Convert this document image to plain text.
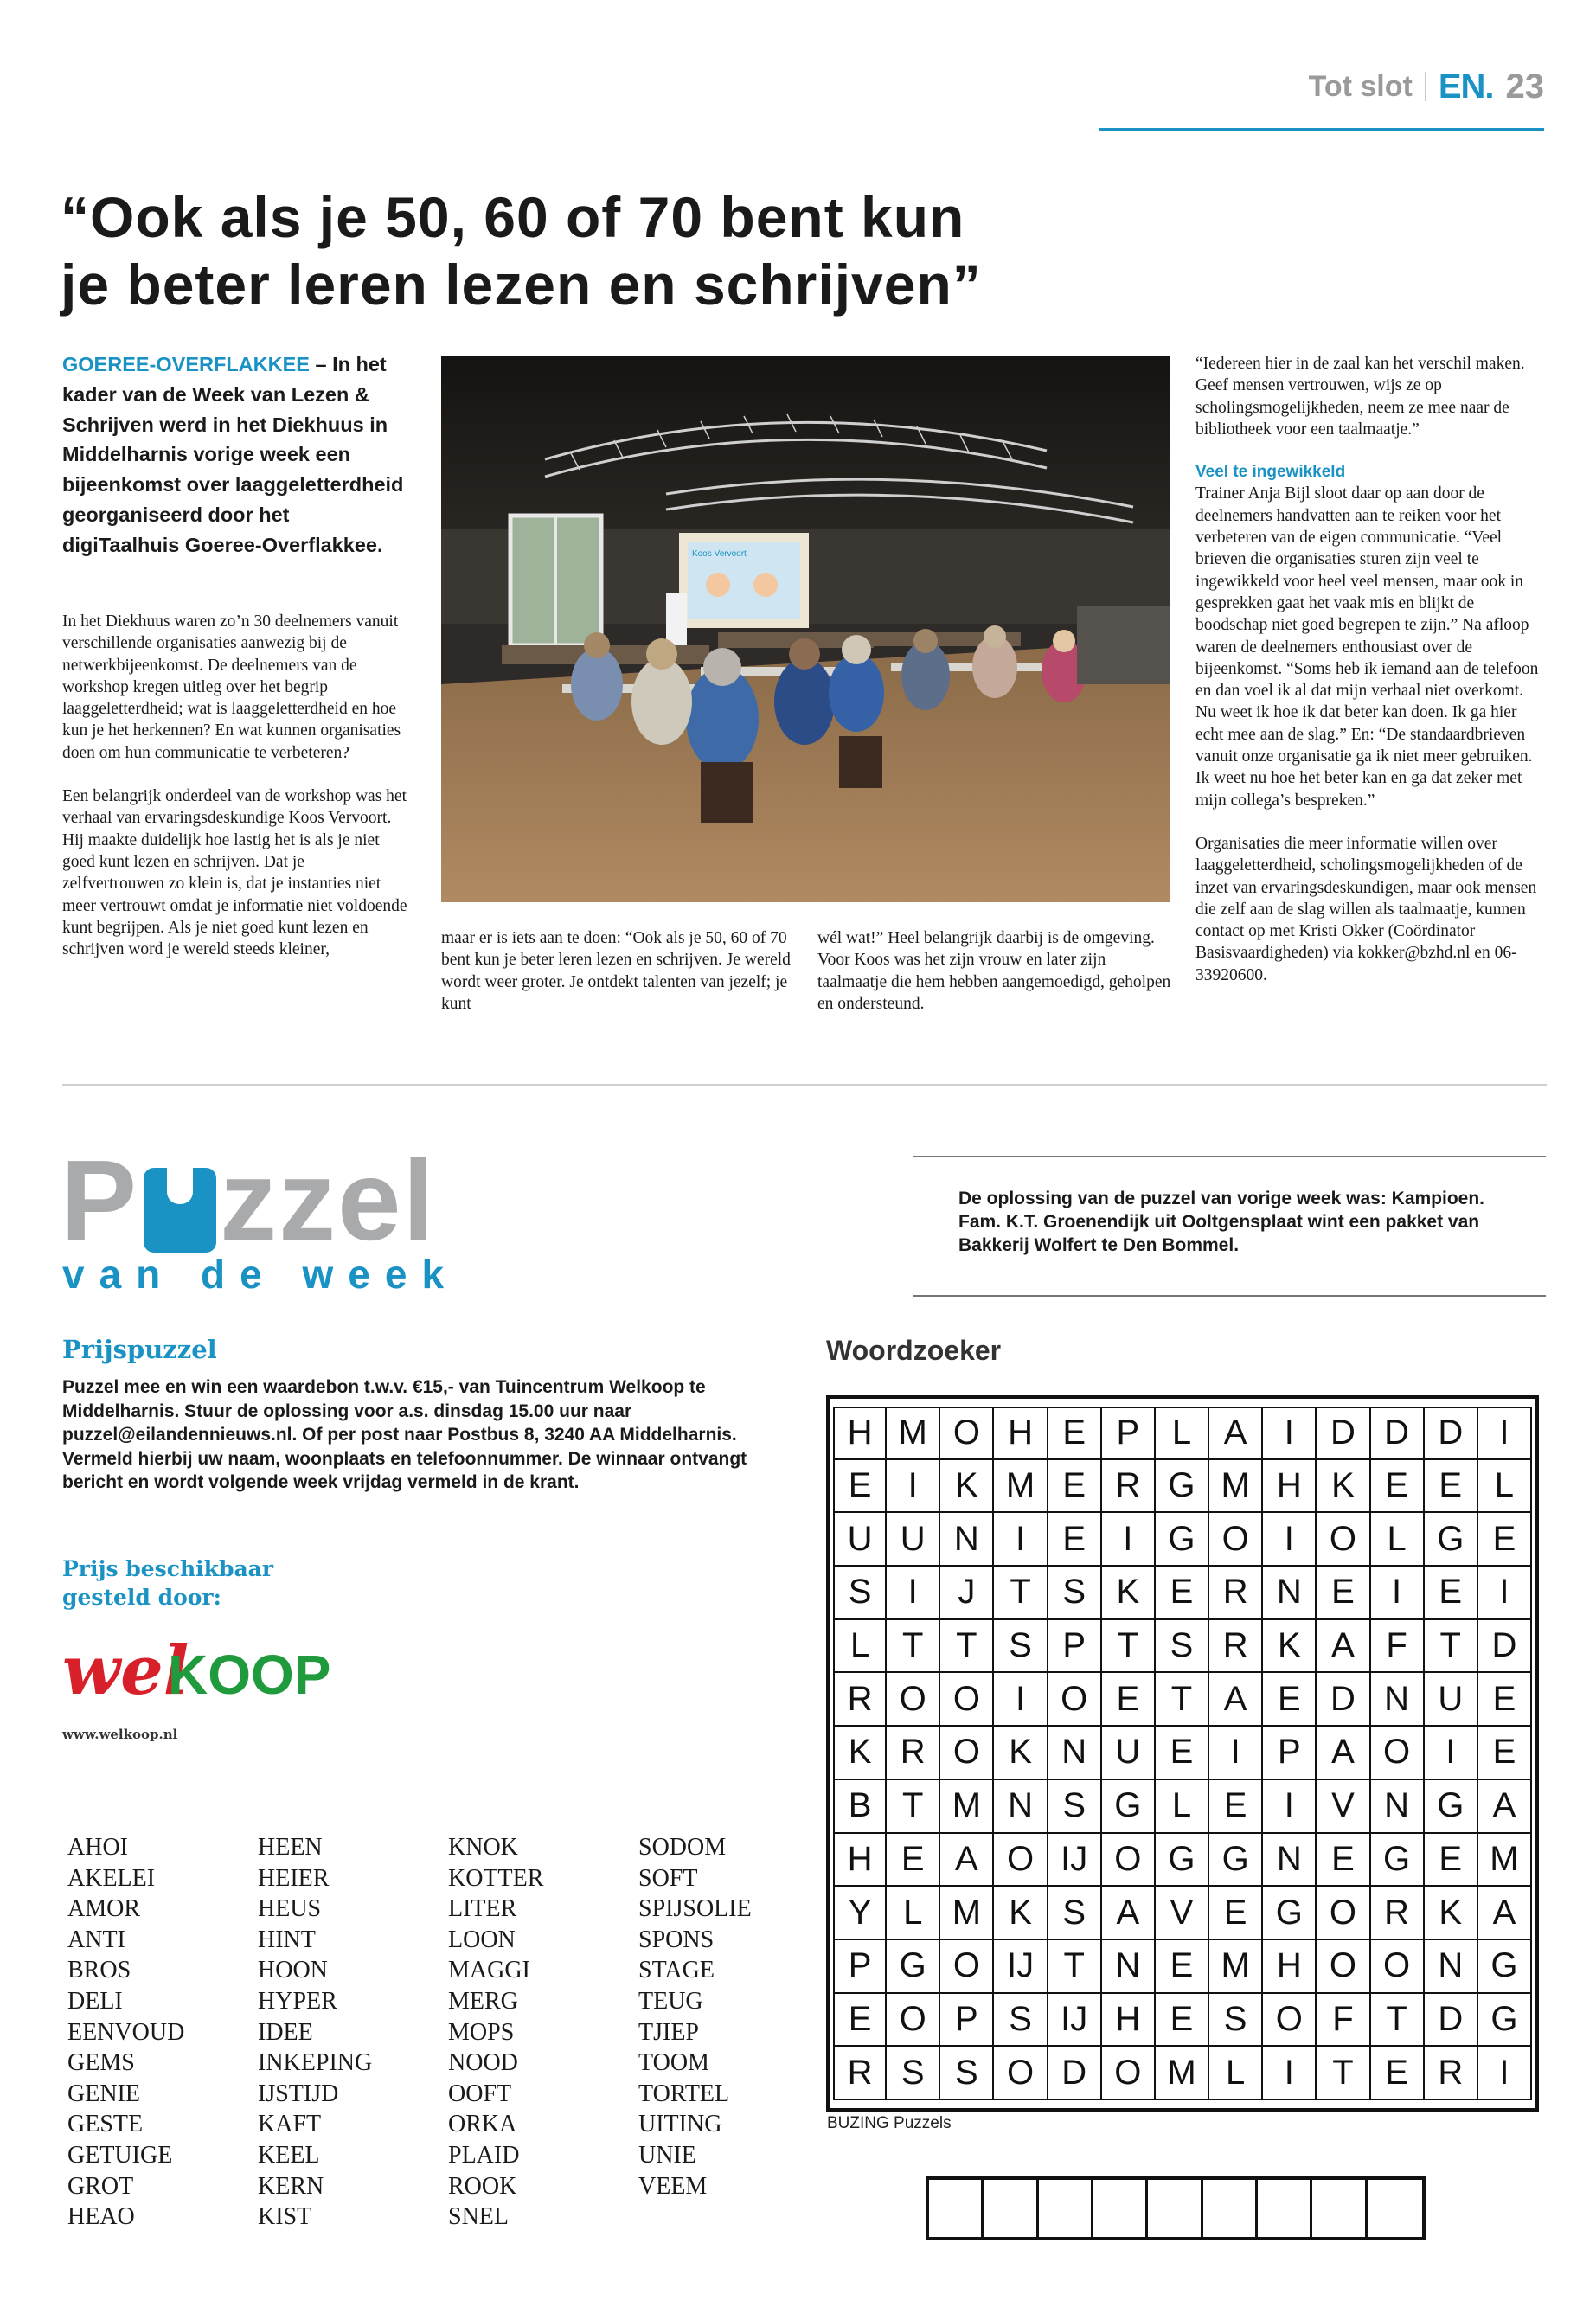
Tot slot EN. 23
“Ook als je 50, 60 of 70 bent kun
je beter leren lezen en schrijven”
GOEREE-OVERFLAKKEE – In het kader van de Week van Lezen & Schrijven werd in het Diekhuus in Middelharnis vorige week een bijeenkomst over laaggeletterdheid georganiseerd door het digiTaalhuis Goeree-Overflakkee.

In het Diekhuus waren zo’n 30 deelnemers vanuit verschillende organisaties aanwezig bij de netwerkbijeenkomst. De deelnemers van de workshop kregen uitleg over het begrip laaggeletterdheid; wat is laaggeletterdheid en hoe kun je het herkennen? En wat kunnen organisaties doen om hun communicatie te verbeteren?

Een belangrijk onderdeel van de workshop was het verhaal van ervaringsdeskundige Koos Vervoort. Hij maakte duidelijk hoe lastig het is als je niet goed kunt lezen en schrijven. Dat je zelfvertrouwen zo klein is, dat je instanties niet meer vertrouwt omdat je informatie niet voldoende kunt begrijpen. Als je niet goed kunt lezen en schrijven word je wereld steeds kleiner,

Koos Vervoort

maar er is iets aan te doen: “Ook als je 50, 60 of 70 bent kun je beter leren lezen en schrijven. Je wereld wordt weer groter. Je ontdekt talenten van jezelf; je kunt

wél wat!” Heel belangrijk daarbij is de omgeving. Voor Koos was het zijn vrouw en later zijn taalmaatje die hem hebben aangemoedigd, geholpen en ondersteund.

“Iedereen hier in de zaal kan het verschil maken. Geef mensen vertrouwen, wijs ze op scholingsmogelijkheden, neem ze mee naar de bibliotheek voor een taalmaatje.”

Veel te ingewikkeld

Trainer Anja Bijl sloot daar op aan door de deelnemers handvatten aan te reiken voor het verbeteren van de eigen communicatie. “Veel brieven die organisaties sturen zijn veel te ingewikkeld voor heel veel mensen, maar ook in gesprekken gaat het vaak mis en blijkt de boodschap niet goed begrepen te zijn.” Na afloop waren de deelnemers enthousiast over de bijeenkomst. “Soms heb ik iemand aan de telefoon en dan voel ik al dat mijn verhaal niet overkomt. Nu weet ik hoe ik dat beter kan doen. Ik ga hier echt mee aan de slag.” En: “De standaardbrieven vanuit onze organisatie ga ik niet meer gebruiken. Ik weet nu hoe het beter kan en ga dat zeker met mijn collega’s bespreken.”

Organisaties die meer informatie willen over laaggeletterdheid, scholingsmogelijkheden of de inzet van ervaringsdeskundigen, maar ook mensen die zelf aan de slag willen als taalmaatje, kunnen contact op met Kristi Okker (Coördinator Basisvaardigheden) via kokker@bzhd.nl en 06-33920600.

P zzel
van de week
De oplossing van de puzzel van vorige week was: Kampioen. Fam. K.T. Groenendijk uit Ooltgensplaat wint een pakket van Bakkerij Wolfert te Den Bommel.
Prijspuzzel
Puzzel mee en win een waardebon t.w.v. €15,- van Tuincentrum Welkoop te Middelharnis. Stuur de oplossing voor a.s. dinsdag 15.00 uur naar puzzel@eilandennieuws.nl. Of per post naar Postbus 8, 3240 AA Middelharnis. Vermeld hierbij uw naam, woonplaats en telefoonnummer. De winnaar ontvangt bericht en wordt volgende week vrijdag vermeld in de krant.
Prijs beschikbaar gesteld door:
wel
KOOP
www.welkoop.nl
AHOI
AKELEI
AMOR
ANTI
BROS
DELI
EENVOUD
GEMS
GENIE
GESTE
GETUIGE
GROT
HEAO
HEEN
HEIER
HEUS
HINT
HOON
HYPER
IDEE
INKEPING
IJSTIJD
KAFT
KEEL
KERN
KIST
KNOK
KOTTER
LITER
LOON
MAGGI
MERG
MOPS
NOOD
OOFT
ORKA
PLAID
ROOK
SNEL
SODOM
SOFT
SPIJSOLIE
SPONS
STAGE
TEUG
TJIEP
TOOM
TORTEL
UITING
UNIE
VEEM
Woordzoeker
H M O H E P L A	I	D D D	I
E	I	K M E R G M H K E E L
U U N	I	E	I	G O	I	O L G E
S	I	J T S K E R N E	I	E	I
L T T S P T S R K A F T D
R O O	I	O E T A E D N U E
K R O K N U E	I	P A O	I	E
B T M N S G L E	I	V N G A
H E A O IJ O G G N E G E M
Y L M K S A V E G O R K A
P G O IJ T N E M H O O N G
E O P S IJ H E S O F T D G
R S S O D O M L	I	T E R	I
BUZING Puzzels
